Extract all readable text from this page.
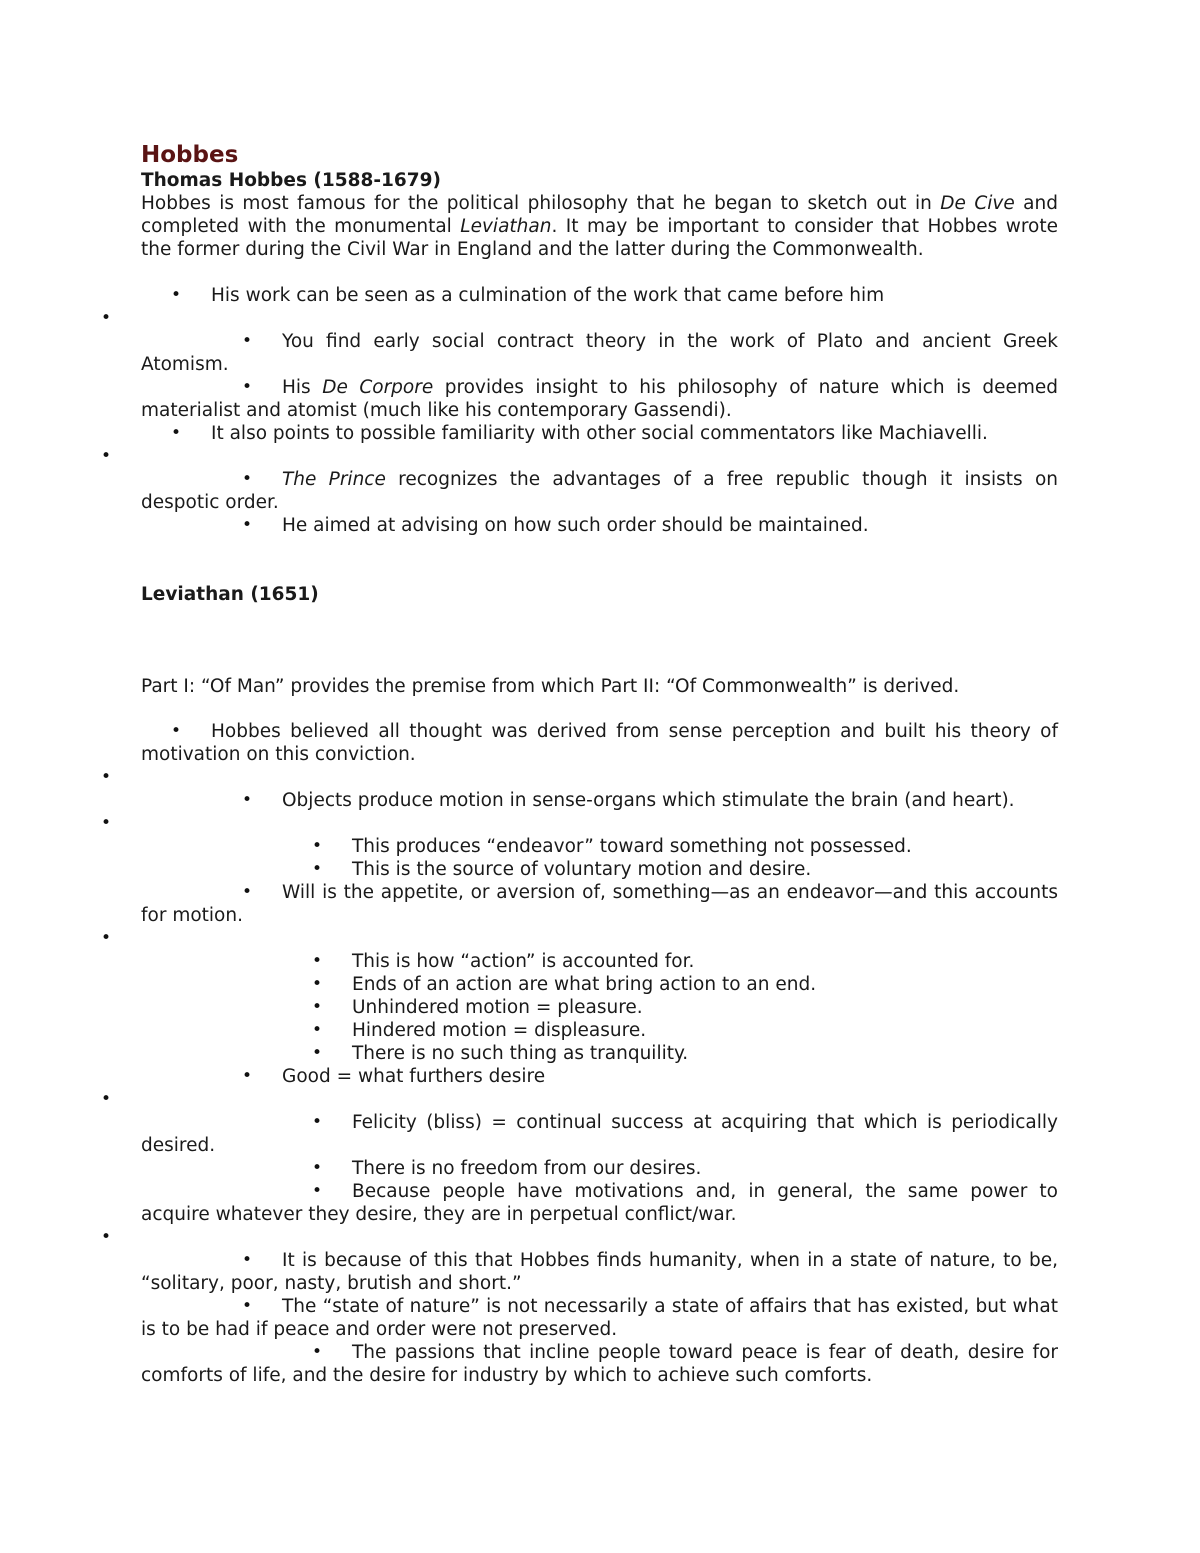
Hobbes
Thomas Hobbes (1588-1679)

Hobbes is most famous for the political philosophy that he began to sketch out in De Cive and completed with the monumental Leviathan. It may be important to consider that Hobbes wrote the former during the Civil War in England and the latter during the Commonwealth.

• His work can be seen as a culmination of the work that came before him
•
• You find early social contract theory in the work of Plato and ancient Greek Atomism.
• His De Corpore provides insight to his philosophy of nature which is deemed materialist and atomist (much like his contemporary Gassendi).
• It also points to possible familiarity with other social commentators like Machiavelli.
•
• The Prince recognizes the advantages of a free republic though it insists on despotic order.
• He aimed at advising on how such order should be maintained.
Leviathan (1651)

Part I: “Of Man” provides the premise from which Part II: “Of Commonwealth” is derived.

• Hobbes believed all thought was derived from sense perception and built his theory of motivation on this conviction.
•
• Objects produce motion in sense-organs which stimulate the brain (and heart).
•
• This produces “endeavor” toward something not possessed.
• This is the source of voluntary motion and desire.
• Will is the appetite, or aversion of, something—as an endeavor—and this accounts for motion.
•
• This is how “action” is accounted for.
• Ends of an action are what bring action to an end.
• Unhindered motion = pleasure.
• Hindered motion = displeasure.
• There is no such thing as tranquility.
• Good = what furthers desire
•
• Felicity (bliss) = continual success at acquiring that which is periodically desired.
• There is no freedom from our desires.
• Because people have motivations and, in general, the same power to acquire whatever they desire, they are in perpetual conflict/war.
•
• It is because of this that Hobbes finds humanity, when in a state of nature, to be, “solitary, poor, nasty, brutish and short.”
• The “state of nature” is not necessarily a state of affairs that has existed, but what is to be had if peace and order were not preserved.
• The passions that incline people toward peace is fear of death, desire for comforts of life, and the desire for industry by which to achieve such comforts.
